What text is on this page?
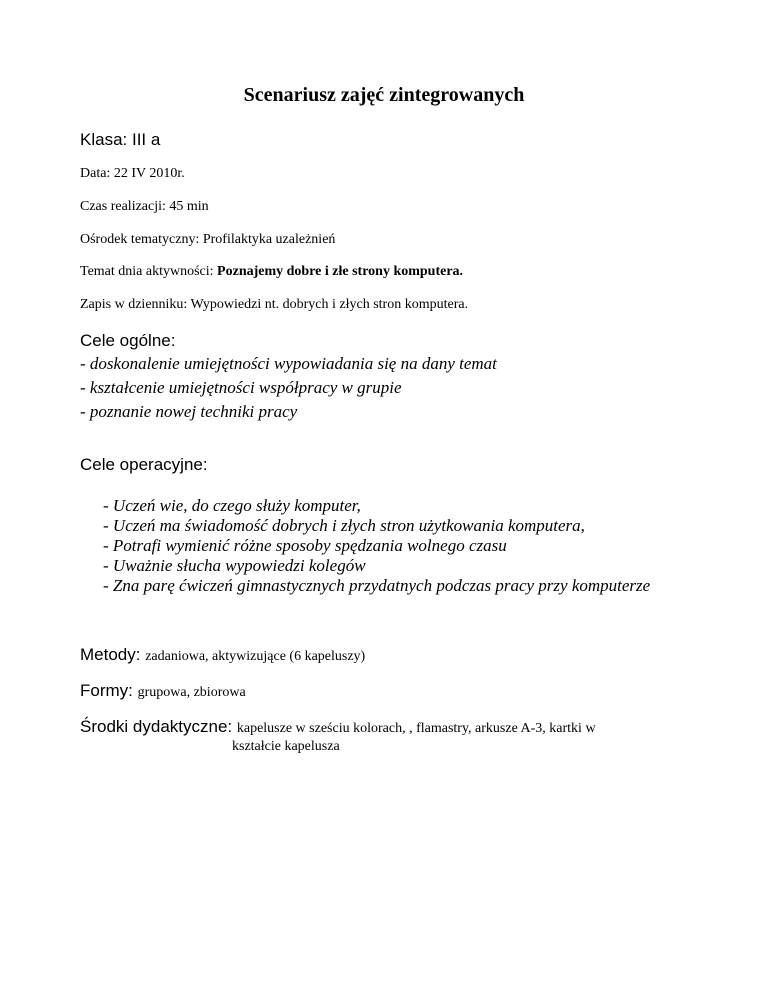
Scenariusz zajęć zintegrowanych

Klasa: III a

Data: 22 IV 2010r.

Czas realizacji: 45 min

Ośrodek tematyczny: Profilaktyka uzależnień

Temat dnia aktywności: Poznajemy dobre i złe strony komputera.

Zapis w dzienniku: Wypowiedzi nt. dobrych i złych stron komputera.

Cele ogólne:

- doskonalenie umiejętności wypowiadania się na dany temat

- kształcenie umiejętności współpracy w grupie

- poznanie nowej techniki pracy

Cele operacyjne:

- Uczeń wie, do czego służy komputer,
- Uczeń ma świadomość dobrych i złych stron użytkowania komputera,
- Potrafi wymienić różne sposoby spędzania wolnego czasu
- Uważnie słucha wypowiedzi kolegów
- Zna parę ćwiczeń gimnastycznych przydatnych podczas pracy przy komputerze

Metody: zadaniowa, aktywizujące (6 kapeluszy)

Formy: grupowa, zbiorowa

Środki dydaktyczne: kapelusze w sześciu kolorach, , flamastry, arkusze A-3, kartki w

kształcie kapelusza
